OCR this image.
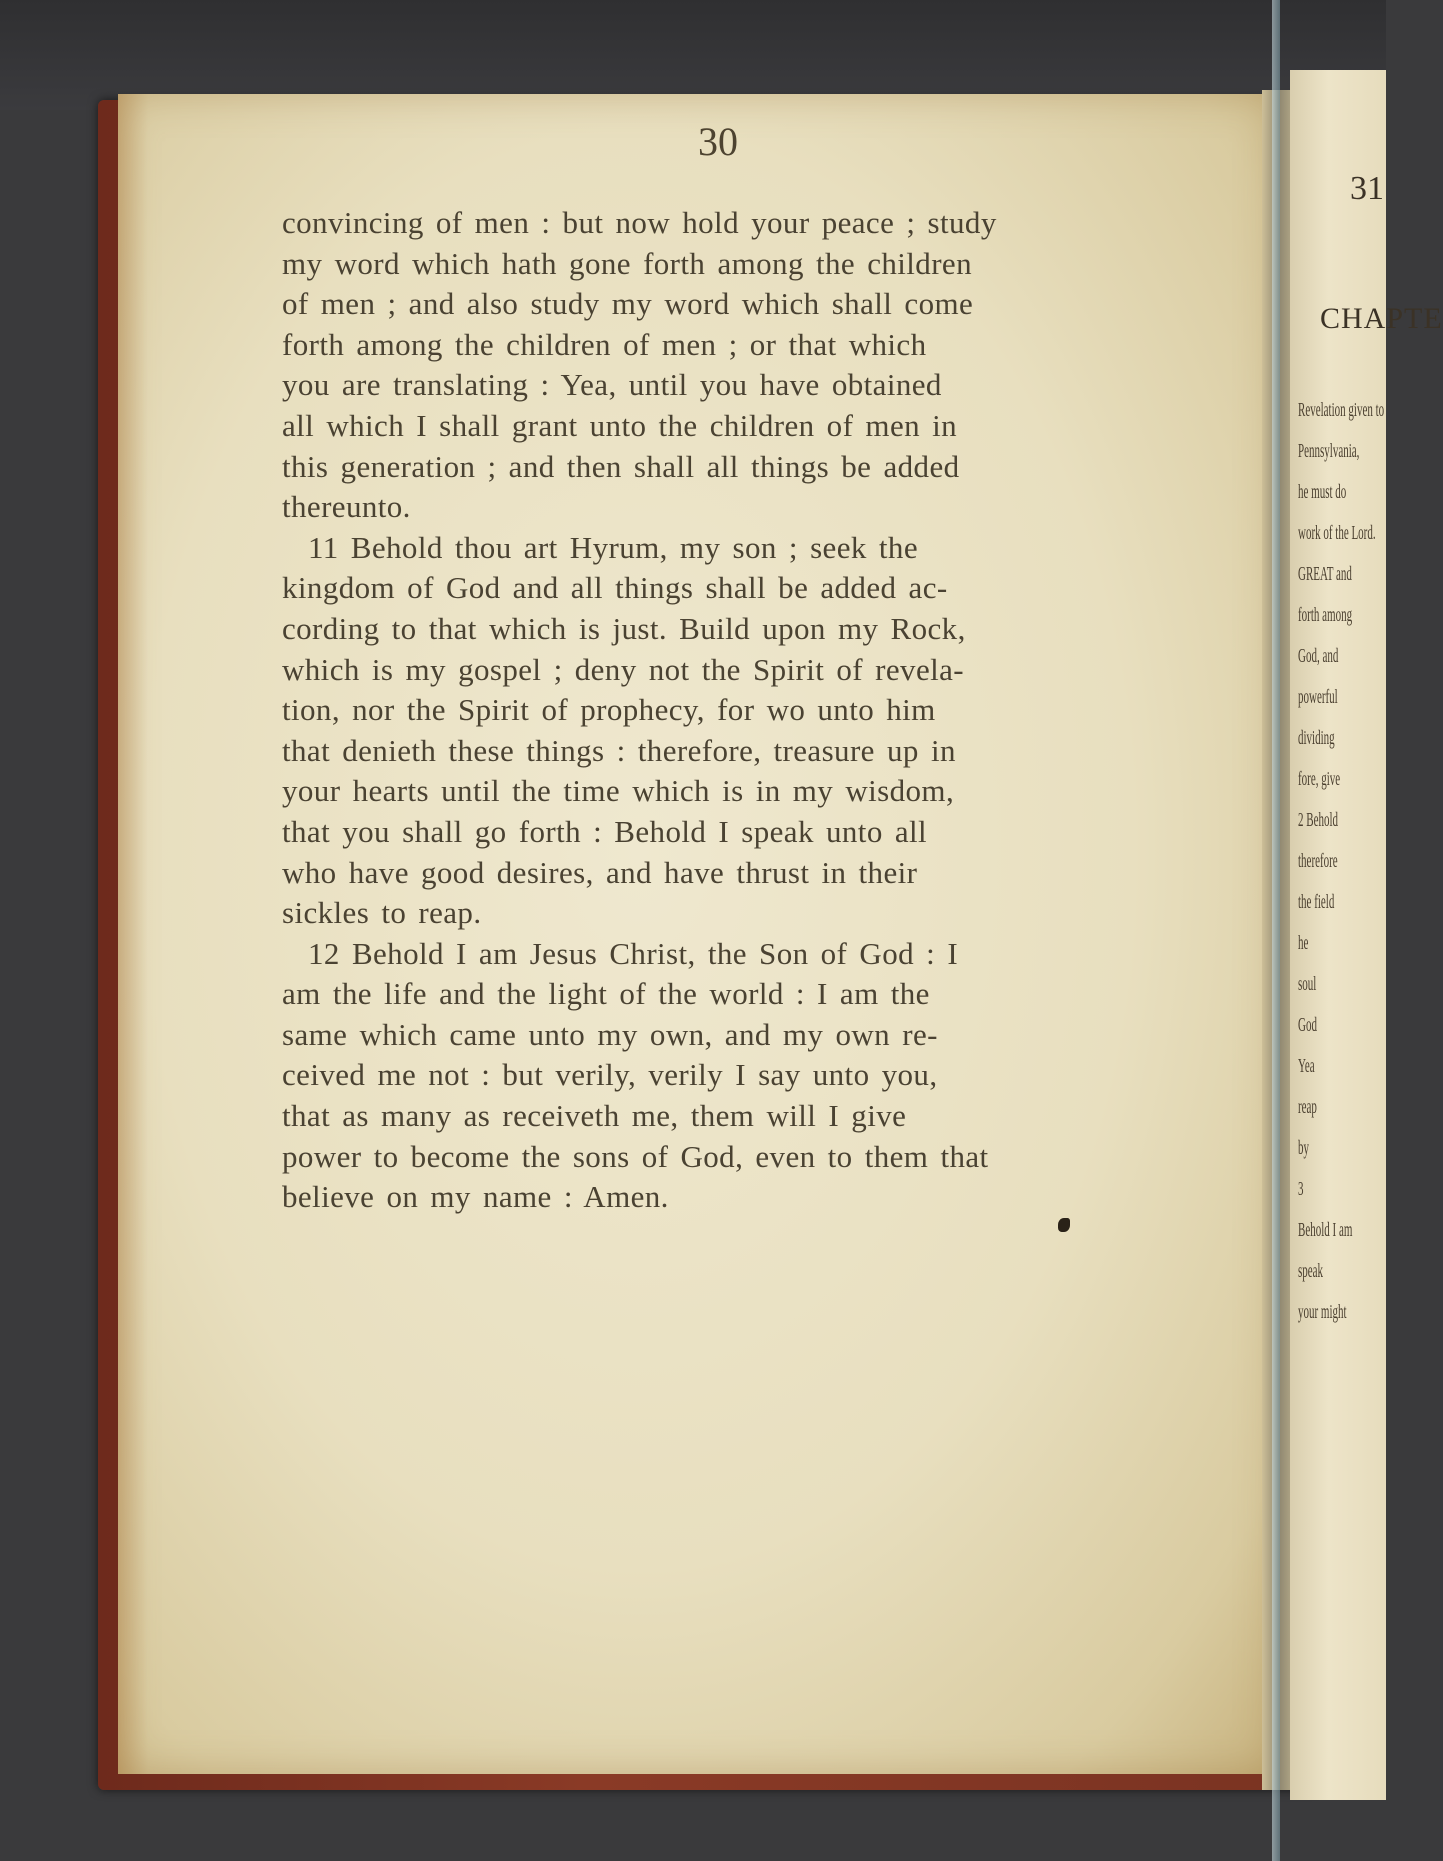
30
convincing of men : but now hold your peace ; study
my word which hath gone forth among the children
of men ; and also study my word which shall come
forth among the children of men ; or that which
you are translating : Yea, until you have obtained
all which I shall grant unto the children of men in
this generation ; and then shall all things be added
thereunto.
11 Behold thou art Hyrum, my son ; seek the
kingdom of God and all things shall be added ac-
cording to that which is just. Build upon my Rock,
which is my gospel ; deny not the Spirit of revela-
tion, nor the Spirit of prophecy, for wo unto him
that denieth these things : therefore, treasure up in
your hearts until the time which is in my wisdom,
that you shall go forth : Behold I speak unto all
who have good desires, and have thrust in their
sickles to reap.
12 Behold I am Jesus Christ, the Son of God : I
am the life and the light of the world : I am the
same which came unto my own, and my own re-
ceived me not : but verily, verily I say unto you,
that as many as receiveth me, them will I give
power to become the sons of God, even to them that
believe on my name : Amen.
31
CHAPTE
Revelation given to
Pennsylvania,
he must do
work of the Lord.
GREAT and
forth among
God, and
powerful
dividing
fore, give
2 Behold
therefore
the field
he
soul
God
Yea
reap
by
3
Behold I am
speak
your might
